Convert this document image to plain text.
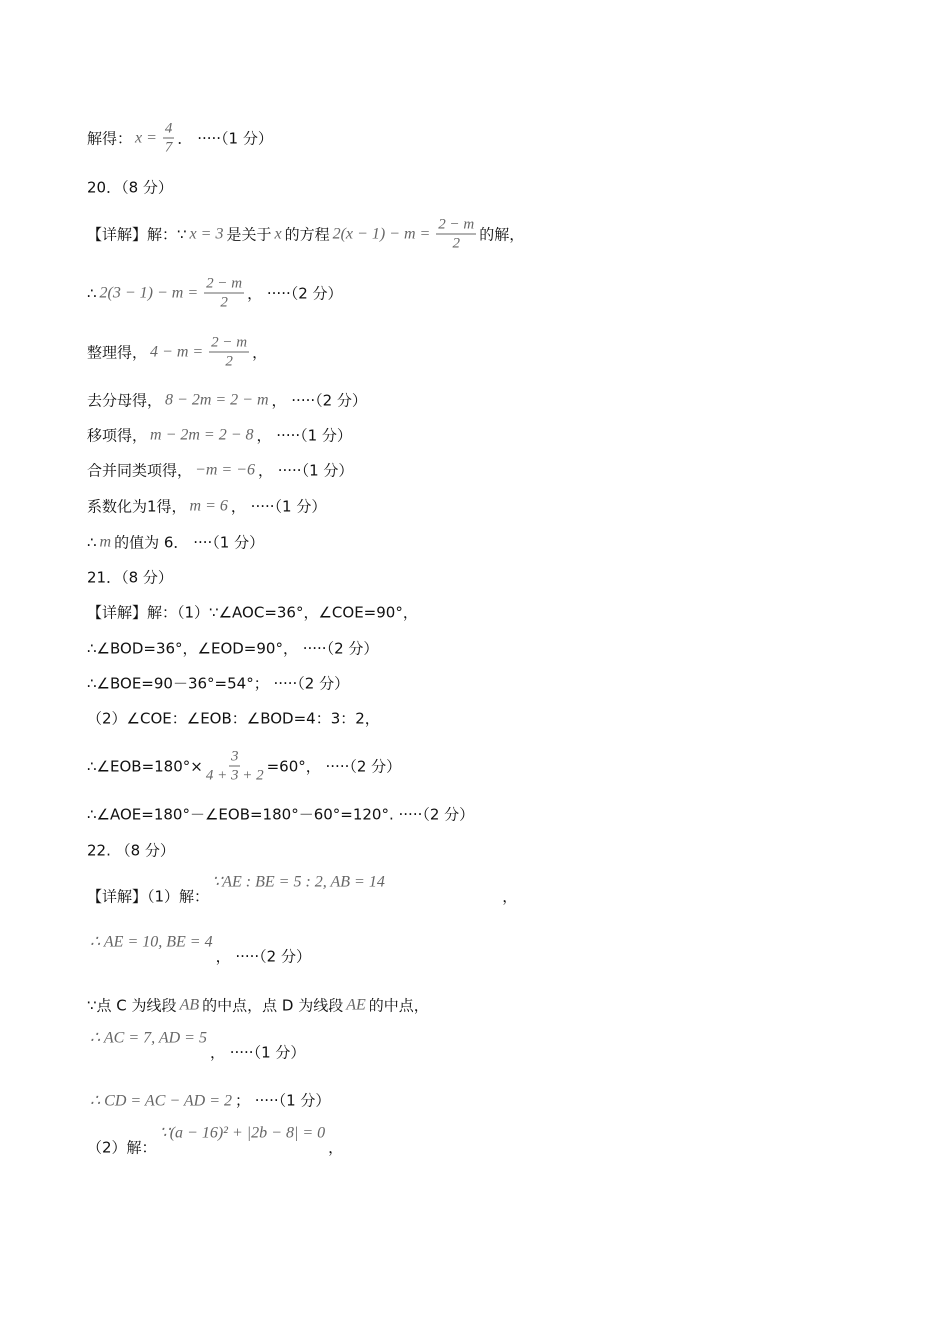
解得： $x = \frac{4}{7}$ ． ·····（1 分）
20．（8 分）
【详解】解：∵ x = 3 是关于 x 的方程 $2(x - 1) - m = \frac{2 - m}{2}$ 的解，
∴ $2(3 - 1) - m = \frac{2 - m}{2}$ ， ·····（2 分）
整理得， $4 - m = \frac{2 - m}{2}$ ，
去分母得， 8 − 2m = 2 − m ， ·····（2 分）
移项得， m − 2m = 2 − 8 ， ·····（1 分）
合并同类项得， −m = −6 ， ·····（1 分）
系数化为1得， m = 6 ， ·····（1 分）
∴ m 的值为 6． ····（1 分）
21．（8 分）
【详解】解：（1）∵∠AOC=36°，∠COE=90°，
∴∠BOD=36°，∠EOD=90°， ·····（2 分）
∴∠BOE=90－36°=54°； ·····（2 分）
（2）∠COE：∠EOB：∠BOD=4：3：2，
∴∠EOB=180°× $\frac{3}{4 + 3 + 2} =60^\circ$， ·····（2 分）
∴∠AOE=180°－∠EOB=180°－60°=120°. ·····（2 分）
22. （8 分）
【详解】（1）解：
∵AE : BE = 5 : 2, AB = 14
，
∴ AE = 10, BE = 4
， ·····（2 分）
∵点 C 为线段 AB 的中点，点 D 为线段 AE 的中点，
∴ AC = 7, AD = 5
， ·····（1 分）
∴ CD = AC − AD = 2 ； ·····（1 分）
（2）解：
∵(a − 16)² + |2b − 8| = 0
，
